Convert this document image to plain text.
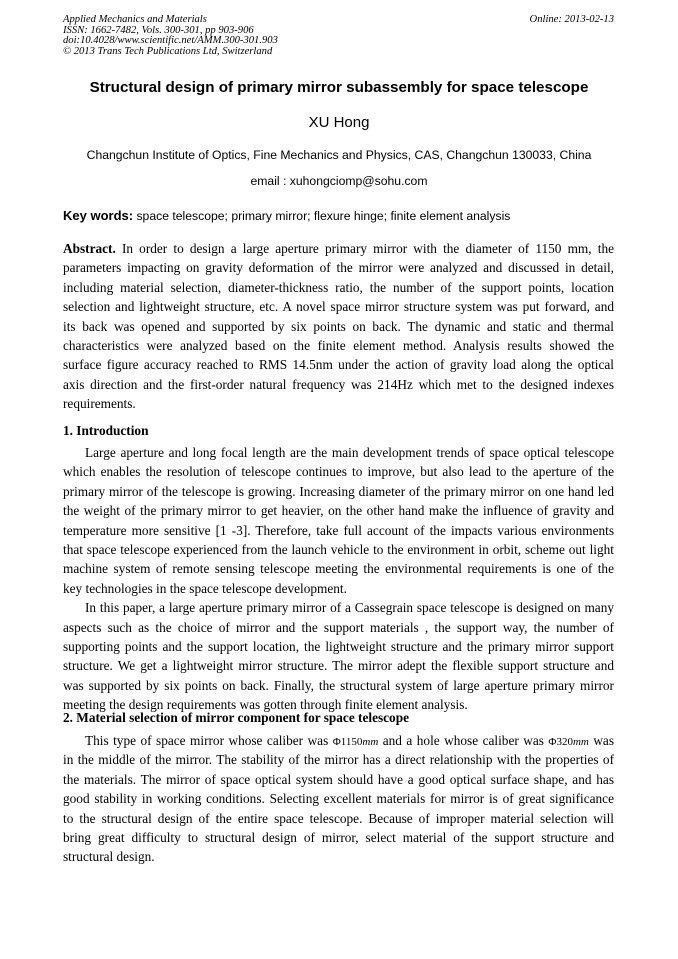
Applied Mechanics and Materials
ISSN: 1662-7482, Vols. 300-301, pp 903-906
doi:10.4028/www.scientific.net/AMM.300-301.903
© 2013 Trans Tech Publications Ltd, Switzerland
Online: 2013-02-13
Structural design of primary mirror subassembly for space telescope
XU Hong
Changchun Institute of Optics, Fine Mechanics and Physics, CAS, Changchun 130033, China
email : xuhongciomp@sohu.com
Key words: space telescope; primary mirror; flexure hinge; finite element analysis
Abstract. In order to design a large aperture primary mirror with the diameter of 1150 mm, the
parameters impacting on gravity deformation of the mirror were analyzed and discussed in detail,
including material selection, diameter-thickness ratio, the number of the support points, location
selection and lightweight structure, etc. A novel space mirror structure system was put forward, and
its back was opened and supported by six points on back. The dynamic and static and thermal
characteristics were analyzed based on the finite element method. Analysis results showed the
surface figure accuracy reached to RMS 14.5nm under the action of gravity load along the optical
axis direction and the first-order natural frequency was 214Hz which met to the designed indexes
requirements.
1. Introduction
Large aperture and long focal length are the main development trends of space optical telescope
which enables the resolution of telescope continues to improve, but also lead to the aperture of the
primary mirror of the telescope is growing. Increasing diameter of the primary mirror on one hand led
the weight of the primary mirror to get heavier, on the other hand make the influence of gravity and
temperature more sensitive [1 -3]. Therefore, take full account of the impacts various environments
that space telescope experienced from the launch vehicle to the environment in orbit, scheme out light
machine system of remote sensing telescope meeting the environmental requirements is one of the
key technologies in the space telescope development.
In this paper, a large aperture primary mirror of a Cassegrain space telescope is designed on many
aspects such as the choice of mirror and the support materials , the support way, the number of
supporting points and the support location, the lightweight structure and the primary mirror support
structure. We get a lightweight mirror structure. The mirror adept the flexible support structure and
was supported by six points on back. Finally, the structural system of large aperture primary mirror
meeting the design requirements was gotten through finite element analysis.
2. Material selection of mirror component for space telescope
This type of space mirror whose caliber was Φ1150mm and a hole whose caliber was Φ320mm was
in the middle of the mirror. The stability of the mirror has a direct relationship with the properties of
the materials. The mirror of space optical system should have a good optical surface shape, and has
good stability in working conditions. Selecting excellent materials for mirror is of great significance
to the structural design of the entire space telescope. Because of improper material selection will
bring great difficulty to structural design of mirror, select material of the support structure and
structural design.
